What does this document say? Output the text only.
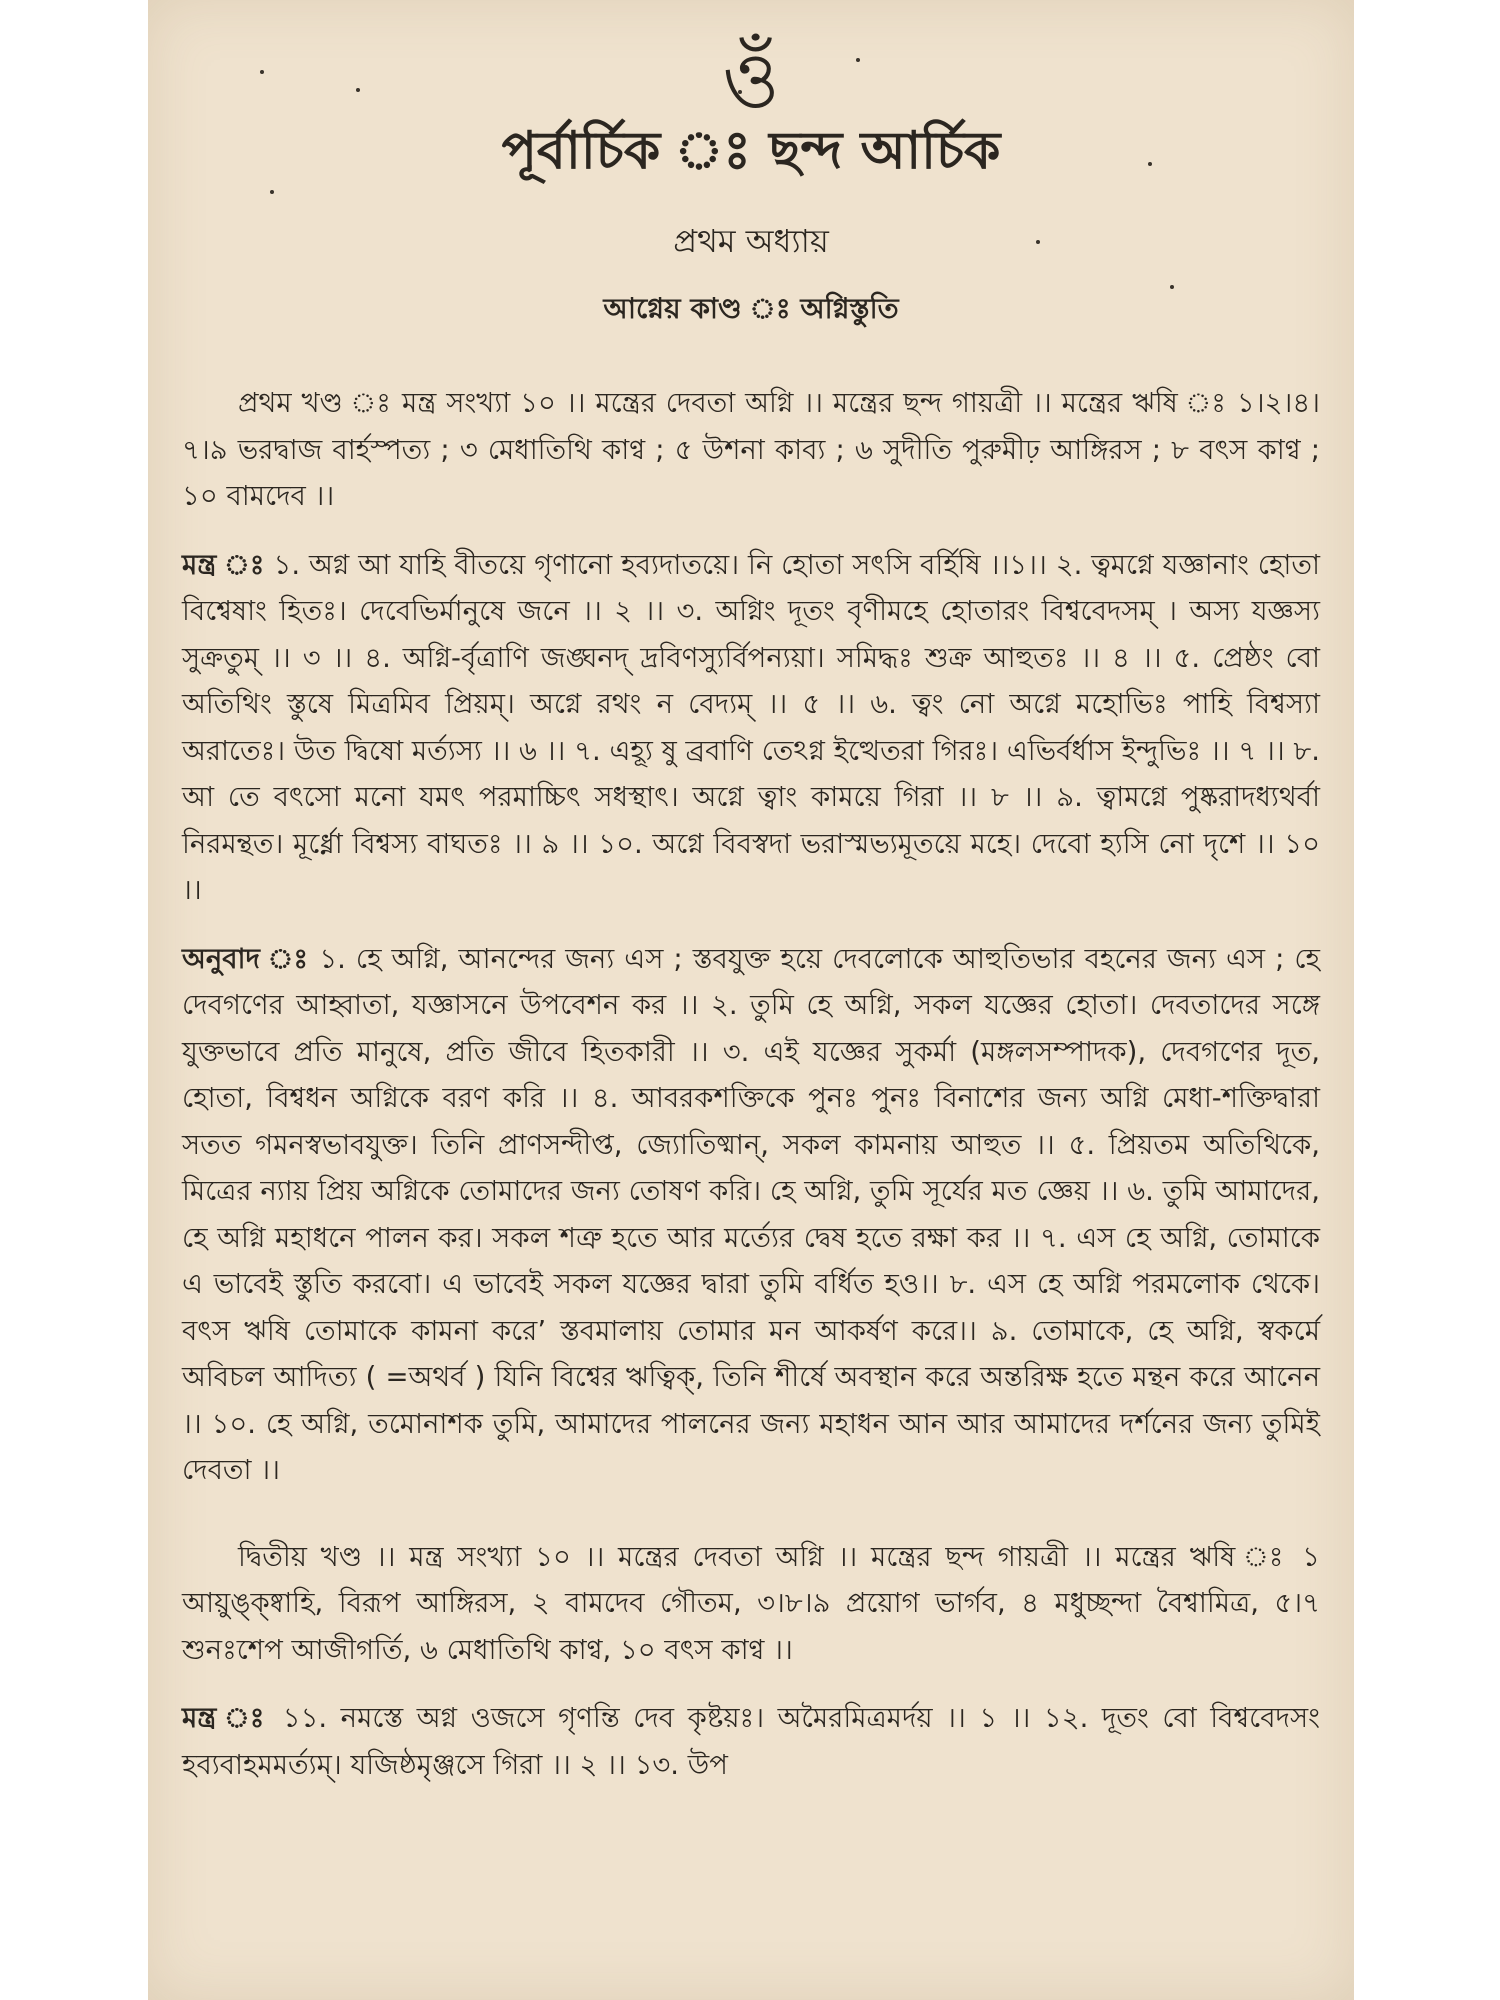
ওঁ
পূর্বার্চিক ঃ ছন্দ আর্চিক
প্রথম অধ্যায়
আগ্নেয় কাণ্ড ঃ অগ্নিস্তুতি

প্রথম খণ্ড ঃ মন্ত্র সংখ্যা ১০ ।। মন্ত্রের দেবতা অগ্নি ।। মন্ত্রের ছন্দ গায়ত্রী ।। মন্ত্রের ঋষি ঃ ১।২।৪।৭।৯ ভরদ্বাজ বার্হস্পত্য ; ৩ মেধাতিথি কাণ্ব ; ৫ উশনা কাব্য ; ৬ সুদীতি পুরুমীঢ় আঙ্গিরস ; ৮ বৎস কাণ্ব ; ১০ বামদেব ।।

মন্ত্র ঃ ১. অগ্ন আ যাহি বীতয়ে গৃণানো হব্যদাতয়ে। নি হোতা সৎসি বর্হিষি ।।১।। ২. ত্বমগ্নে যজ্ঞানাং হোতা বিশ্বেষাং হিতঃ। দেবেভির্মানুষে জনে ।। ২ ।। ৩. অগ্নিং দূতং বৃণীমহে হোতারং বিশ্ববেদসম্ । অস্য যজ্ঞস্য সুক্রতুম্ ।। ৩ ।। ৪. অগ্নি-র্বৃত্রাণি জঙ্ঘনদ্ দ্রবিণস্যুর্বিপন্যয়া। সমিদ্ধঃ শুক্র আহুতঃ ।। ৪ ।। ৫. প্রেষ্ঠং বো অতিথিং স্তুষে মিত্রমিব প্রিয়ম্। অগ্নে রথং ন বেদ্যম্ ।। ৫ ।। ৬. ত্বং নো অগ্নে মহোভিঃ পাহি বিশ্বস্যা অরাতেঃ। উত দ্বিষো মর্ত্যস্য ।। ৬ ।। ৭. এহ্যূ ষু ব্রবাণি তেঽগ্ন ইত্থেতরা গিরঃ। এভির্বর্ধাস ইন্দুভিঃ ।। ৭ ।। ৮. আ তে বৎসো মনো যমৎ পরমাচ্চিৎ সধস্থাৎ। অগ্নে ত্বাং কাময়ে গিরা ।। ৮ ।। ৯. ত্বামগ্নে পুষ্করাদধ্যথর্বা নিরমন্থত। মূর্ধ্নো বিশ্বস্য বাঘতঃ ।। ৯ ।। ১০. অগ্নে বিবস্বদা ভরাস্মভ্যমূতয়ে মহে। দেবো হ্যসি নো দৃশে ।। ১০ ।।

অনুবাদ ঃ ১. হে অগ্নি, আনন্দের জন্য এস ; স্তবযুক্ত হয়ে দেবলোকে আহুতিভার বহনের জন্য এস ; হে দেবগণের আহ্বাতা, যজ্ঞাসনে উপবেশন কর ।। ২. তুমি হে অগ্নি, সকল যজ্ঞের হোতা। দেবতাদের সঙ্গে যুক্তভাবে প্রতি মানুষে, প্রতি জীবে হিতকারী ।। ৩. এই যজ্ঞের সুকর্মা (মঙ্গলসম্পাদক), দেবগণের দূত, হোতা, বিশ্বধন অগ্নিকে বরণ করি ।। ৪. আবরকশক্তিকে পুনঃ পুনঃ বিনাশের জন্য অগ্নি মেধা-শক্তিদ্বারা সতত গমনস্বভাবযুক্ত। তিনি প্রাণসন্দীপ্ত, জ্যোতিষ্মান্, সকল কামনায় আহুত ।। ৫. প্রিয়তম অতিথিকে, মিত্রের ন্যায় প্রিয় অগ্নিকে তোমাদের জন্য তোষণ করি। হে অগ্নি, তুমি সূর্যের মত জ্ঞেয় ।। ৬. তুমি আমাদের, হে অগ্নি মহাধনে পালন কর। সকল শত্রু হতে আর মর্ত্যের দ্বেষ হতে রক্ষা কর ।। ৭. এস হে অগ্নি, তোমাকে এ ভাবেই স্তুতি করবো। এ ভাবেই সকল যজ্ঞের দ্বারা তুমি বর্ধিত হও।। ৮. এস হে অগ্নি পরমলোক থেকে। বৎস ঋষি তোমাকে কামনা করে’ স্তবমালায় তোমার মন আকর্ষণ করে।। ৯. তোমাকে, হে অগ্নি, স্বকর্মে অবিচল আদিত্য ( =অথর্ব ) যিনি বিশ্বের ঋত্বিক্, তিনি শীর্ষে অবস্থান করে অন্তরিক্ষ হতে মন্থন করে আনেন ।। ১০. হে অগ্নি, তমোনাশক তুমি, আমাদের পালনের জন্য মহাধন আন আর আমাদের দর্শনের জন্য তুমিই দেবতা ।।

দ্বিতীয় খণ্ড ।। মন্ত্র সংখ্যা ১০ ।। মন্ত্রের দেবতা অগ্নি ।। মন্ত্রের ছন্দ গায়ত্রী ।। মন্ত্রের ঋষি ঃ ১ আয়ুঙ্‌ক্ষ্বাহি, বিরূপ আঙ্গিরস, ২ বামদেব গৌতম, ৩।৮।৯ প্রয়োগ ভার্গব, ৪ মধুচ্ছন্দা বৈশ্বামিত্র, ৫।৭ শুনঃশেপ আজীগর্তি, ৬ মেধাতিথি কাণ্ব, ১০ বৎস কাণ্ব ।।

মন্ত্র ঃ ১১. নমস্তে অগ্ন ওজসে গৃণন্তি দেব কৃষ্টয়ঃ। অমৈরমিত্রমর্দয় ।। ১ ।। ১২. দূতং বো বিশ্ববেদসং হব্যবাহমমর্ত্যম্। যজিষ্ঠমৃঞ্জসে গিরা ।। ২ ।। ১৩. উপ
